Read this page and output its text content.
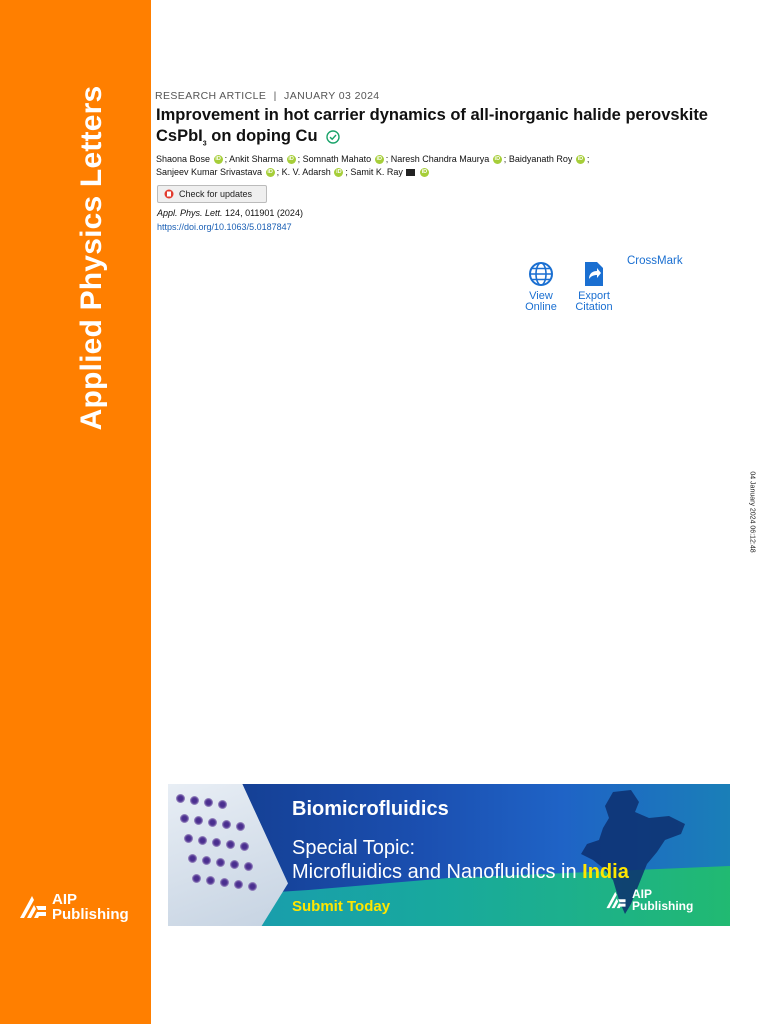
Applied Physics Letters
AIP
Publishing
RESEARCH ARTICLE | JANUARY 03 2024
Improvement in hot carrier dynamics of all-inorganic halide perovskite CsPbI$_3$ on doping Cu
Shaona Bose iD ; Ankit Sharma iD ; Somnath Mahato iD ; Naresh Chandra Maurya iD ; Baidyanath Roy iD ;
Sanjeev Kumar Srivastava iD ; K. V. Adarsh iD ; Samit K. Ray	iD
Check for updates
Appl. Phys. Lett. 124, 011901 (2024)
https://doi.org/10.1063/5.0187847
View
Online
Export
Citation
CrossMark
04 January 2024 06:12:48
Biomicrofluidics
Special Topic:
Microfluidics and Nanofluidics in India
Submit Today
AIP
Publishing
